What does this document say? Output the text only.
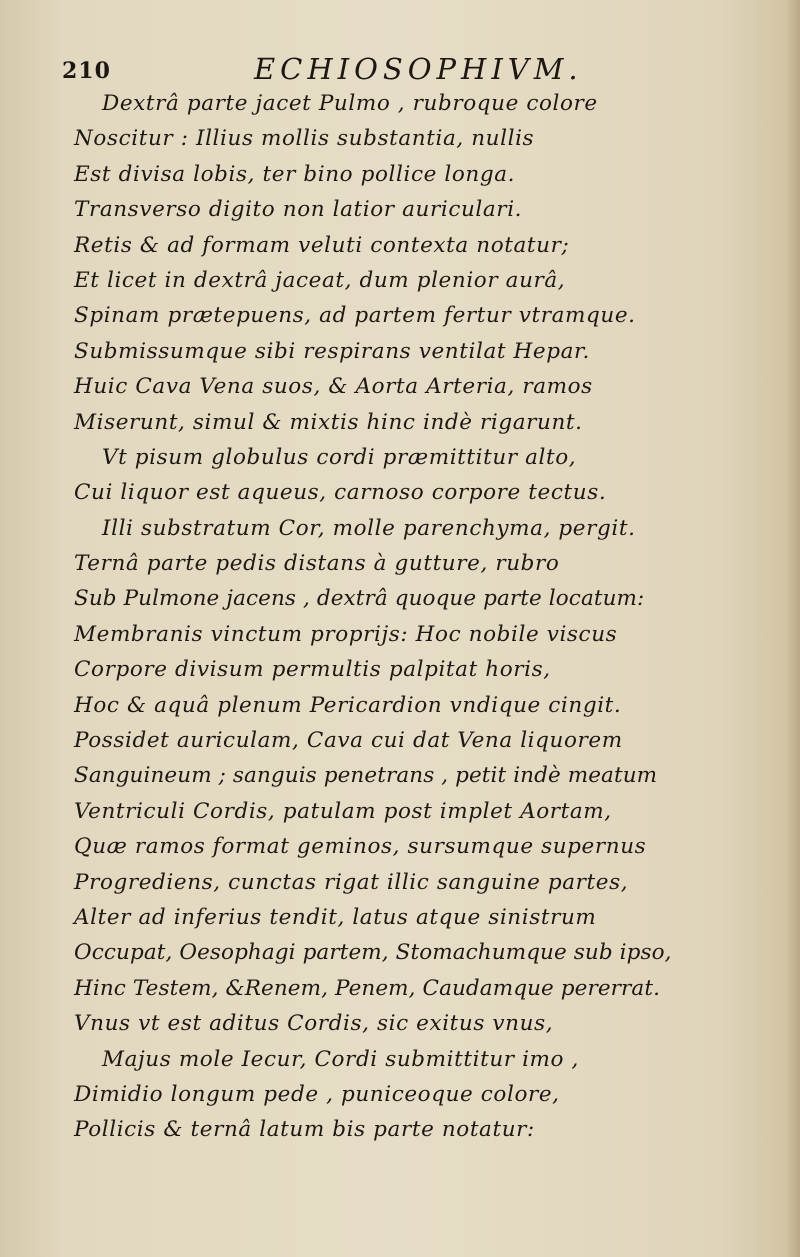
210	ECHIOSOPHIVM.
Dextrâ parte jacet Pulmo , rubroque colore
Noscitur : Illius mollis substantia, nullis
Est divisa lobis, ter bino pollice longa.
Transverso digito non latior auriculari.
Retis & ad formam veluti contexta notatur;
Et licet in dextrâ jaceat, dum plenior aurâ,
Spinam prætериens, ad partem fertur vtramque.
Submissumque sibi respirans ventilat Hepar.
Huic Cava Vena suos, & Aorta Arteria, ramos
Miserunt, simul & mixtis hinc indè rigarunt.
Vt pisum globulus cordi præmittitur alto,
Cui liquor est aqueus, carnoso corpore tectus.
Illi substratum Cor, molle parenchyma, pergit.
Ternâ parte pedis distans à gutture, rubro
Sub Pulmone jacens , dextrâ quoque parte locatum:
Membranis vinctum proprijs: Hoc nobile viscus
Corpore divisum permultis palpitat horis,
Hoc & aquâ plenum Pericardion vndique cingit.
Possidet auriculam, Cava cui dat Vena liquorem
Sanguineum ; sanguis penetrans , petit indè meatum
Ventriculi Cordis, patulam post implet Aortam,
Quæ ramos format geminos, sursumque supernus
Progrediens, cunctas rigat illic sanguine partes,
Alter ad inferius tendit, latus atque sinistrum
Occupat, Oesophagi partem, Stomachumque sub ipso,
Hinc Testem, &Renem, Penem, Caudamque pererrat.
Vnus vt est aditus Cordis, sic exitus vnus,
Majus mole Iecur, Cordi submittitur imo ,
Dimidio longum pede , puniceoque colore,
Pollicis & ternâ latum bis parte notatur:
